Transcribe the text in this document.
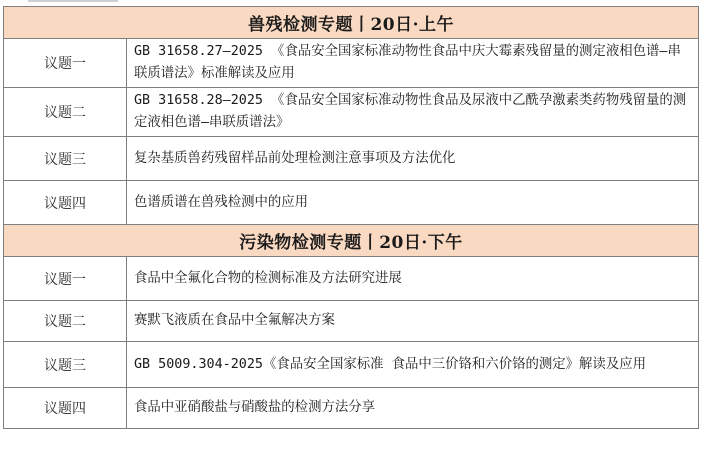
兽残检测专题丨20日·上午	
议题一	GB 31658.27—2025 《食品安全国家标准动物性食品中庆大霉素残留量的测定液相色谱—串联质谱法》标准解读及应用
议题二	GB 31658.28—2025 《食品安全国家标准动物性食品及尿液中乙酰孕激素类药物残留量的测定液相色谱—串联质谱法》
议题三	复杂基质兽药残留样品前处理检测注意事项及方法优化
议题四	色谱质谱在兽残检测中的应用
污染物检测专题丨20日·下午	
议题一	食品中全氟化合物的检测标准及方法研究进展
议题二	赛默飞液质在食品中全氟解决方案
议题三	GB 5009.304-2025《食品安全国家标准 食品中三价铬和六价铬的测定》解读及应用
议题四	食品中亚硝酸盐与硝酸盐的检测方法分享
